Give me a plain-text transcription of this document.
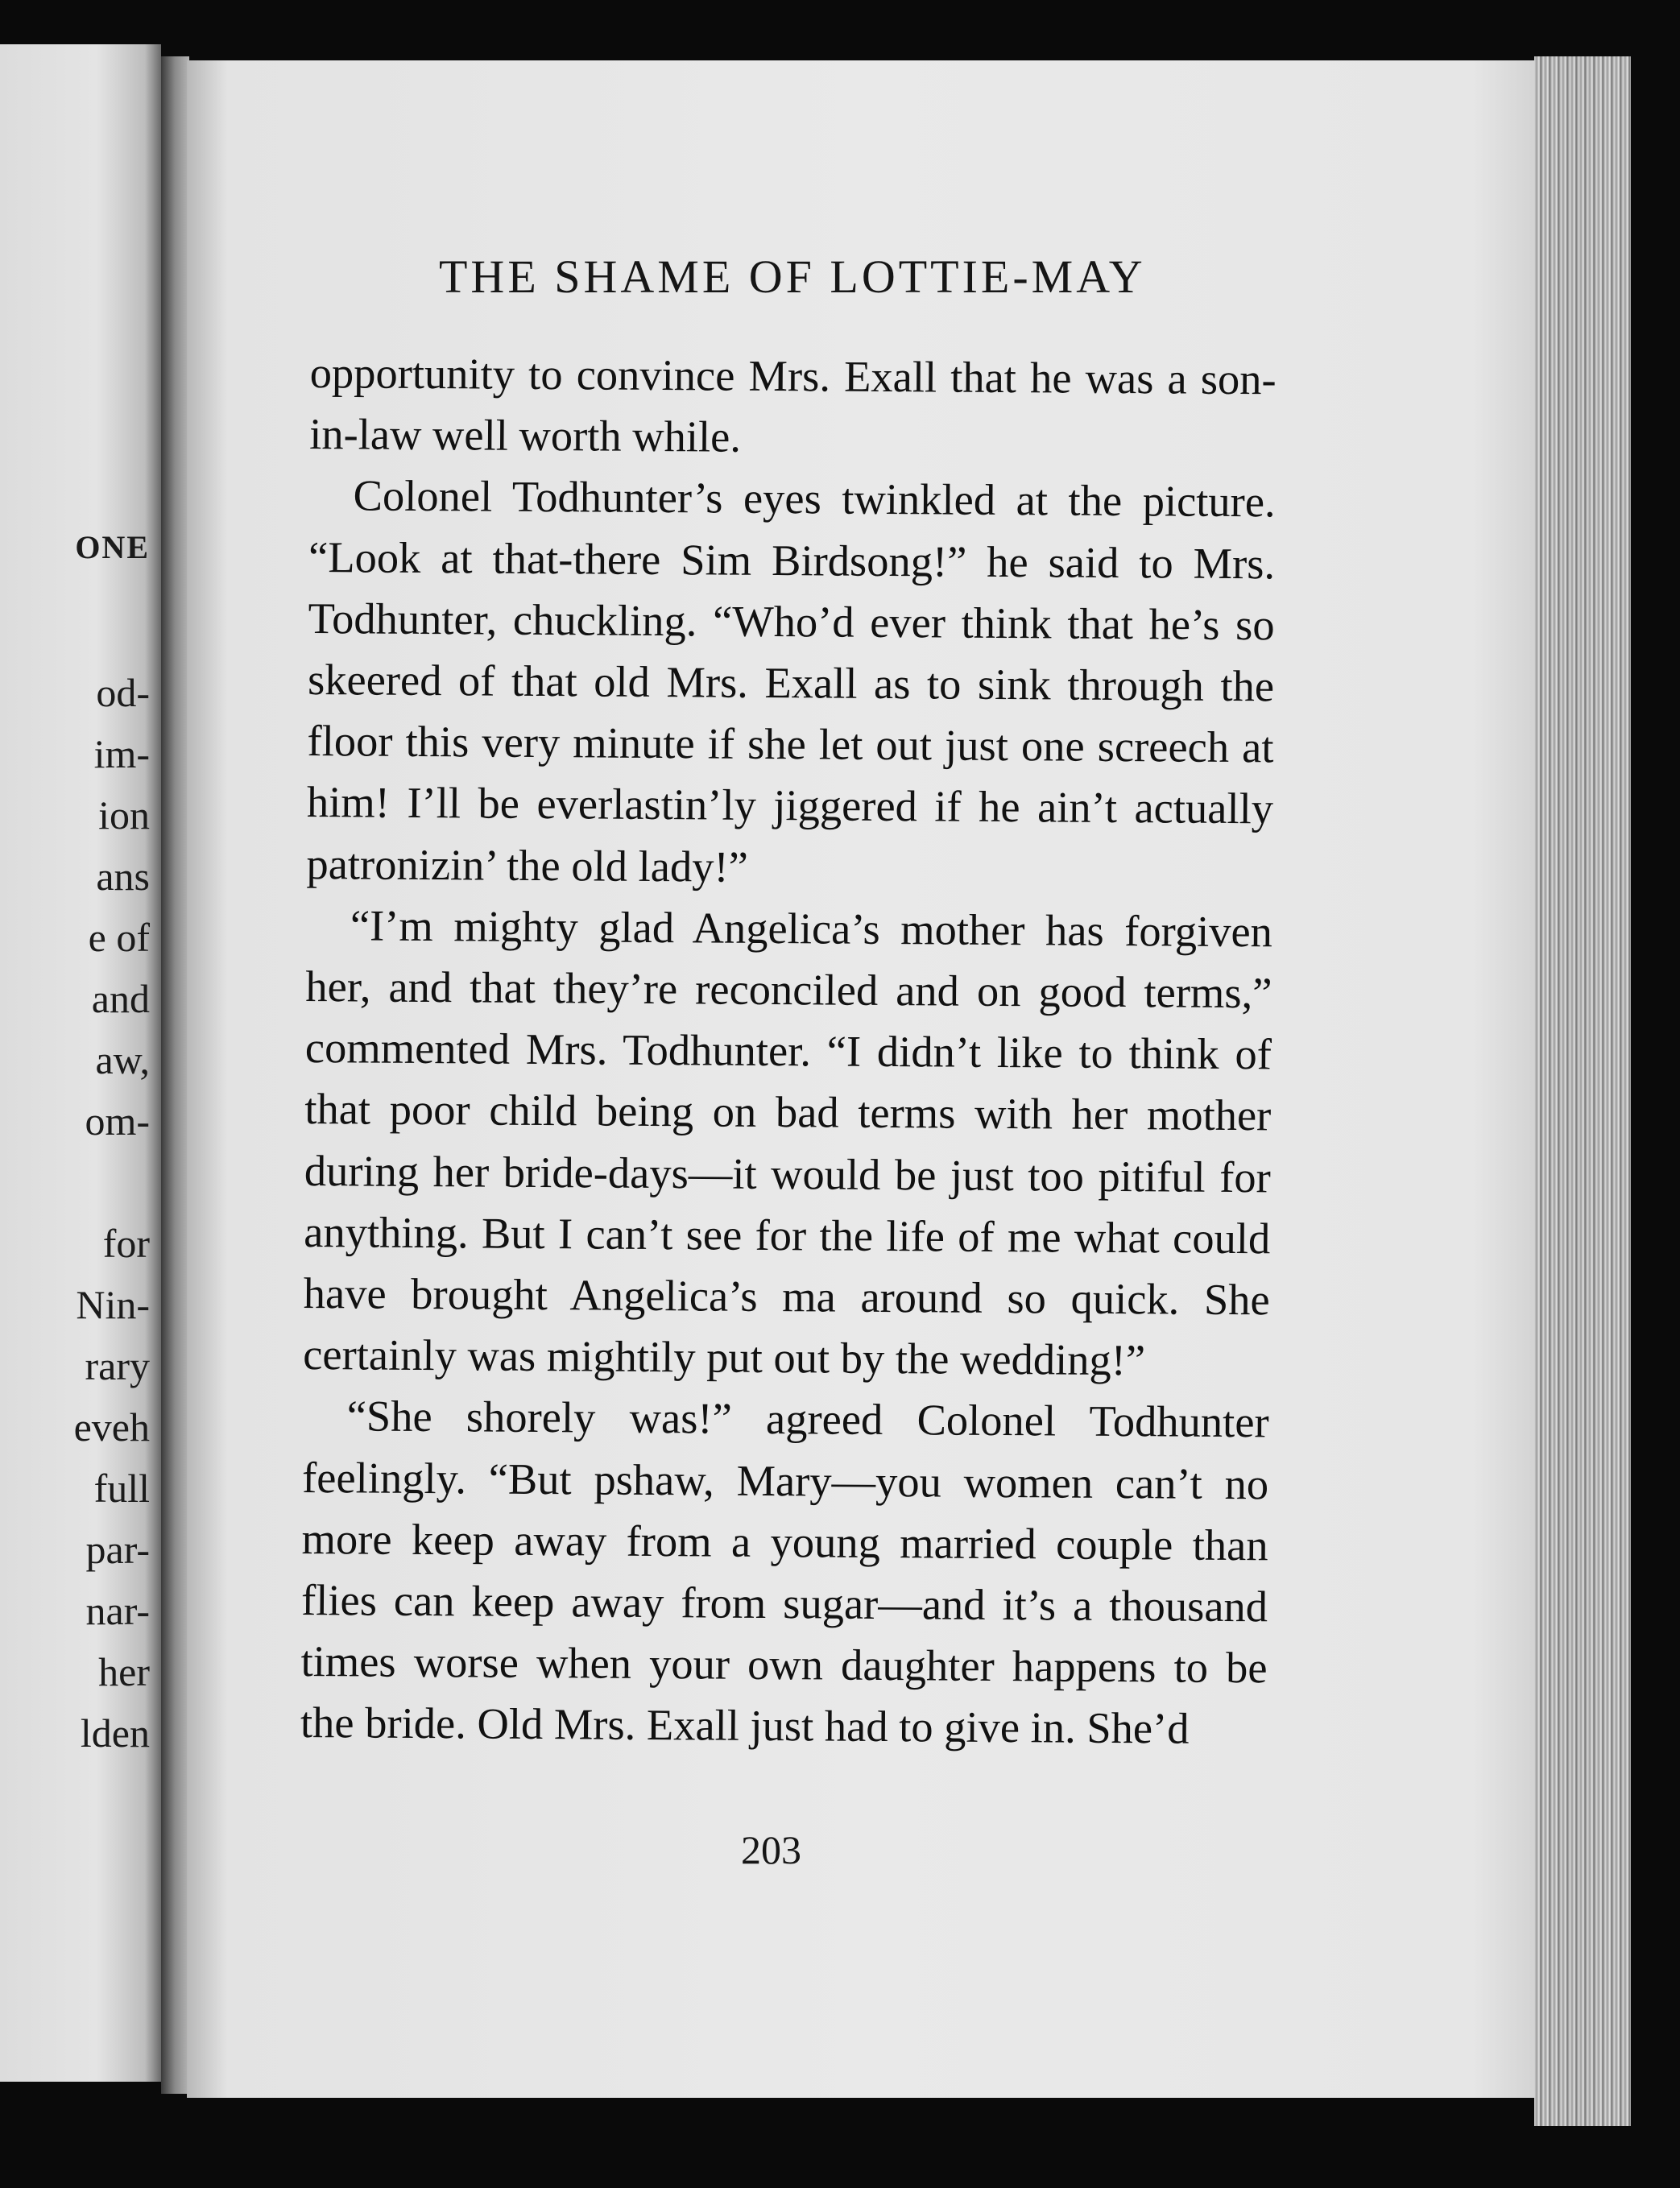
ONE
od-
im-
ion
ans
e of
and
aw,
om-
for
Nin-
rary
eveh
full
par-
nar-
her
lden
THE SHAME OF LOTTIE-MAY

opportunity to convince Mrs. Exall that he was a son-in-law well worth while.

Colonel Todhunter’s eyes twinkled at the picture. “Look at that-there Sim Birdsong!” he said to Mrs. Todhunter, chuckling. “Who’d ever think that he’s so skeered of that old Mrs. Exall as to sink through the floor this very minute if she let out just one screech at him! I’ll be everlastin’ly jiggered if he ain’t actually patronizin’ the old lady!”

“I’m mighty glad Angelica’s mother has forgiven her, and that they’re reconciled and on good terms,” commented Mrs. Todhunter. “I didn’t like to think of that poor child being on bad terms with her mother during her bride-days—it would be just too pitiful for anything. But I can’t see for the life of me what could have brought Angelica’s ma around so quick. She certainly was mightily put out by the wedding!”

“She shorely was!” agreed Colonel Todhunter feelingly. “But pshaw, Mary—you women can’t no more keep away from a young married couple than flies can keep away from sugar—and it’s a thousand times worse when your own daughter happens to be the bride. Old Mrs. Exall just had to give in. She’d

203
